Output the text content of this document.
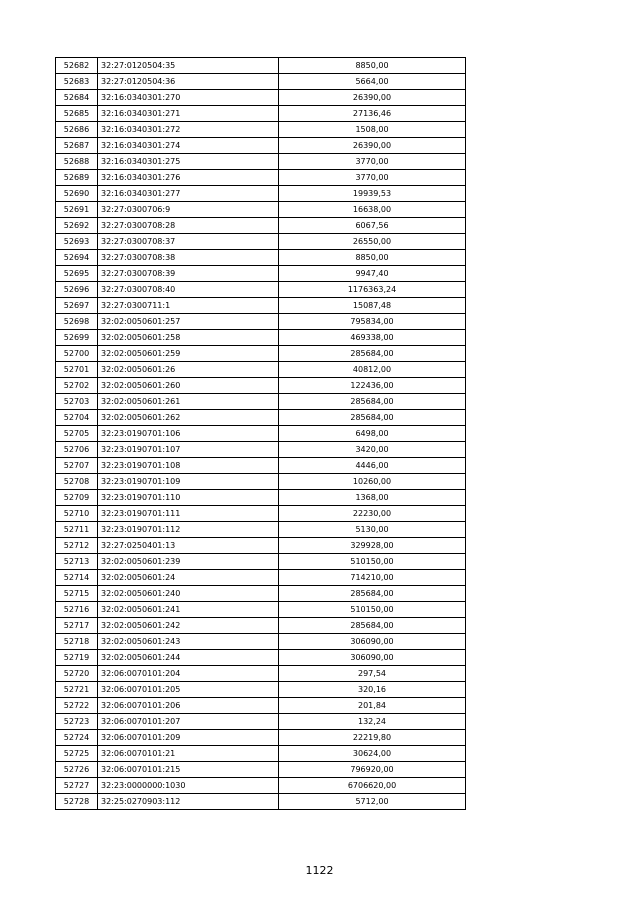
52682	32:27:0120504:35	8850,00
52683	32:27:0120504:36	5664,00
52684	32:16:0340301:270	26390,00
52685	32:16:0340301:271	27136,46
52686	32:16:0340301:272	1508,00
52687	32:16:0340301:274	26390,00
52688	32:16:0340301:275	3770,00
52689	32:16:0340301:276	3770,00
52690	32:16:0340301:277	19939,53
52691	32:27:0300706:9	16638,00
52692	32:27:0300708:28	6067,56
52693	32:27:0300708:37	26550,00
52694	32:27:0300708:38	8850,00
52695	32:27:0300708:39	9947,40
52696	32:27:0300708:40	1176363,24
52697	32:27:0300711:1	15087,48
52698	32:02:0050601:257	795834,00
52699	32:02:0050601:258	469338,00
52700	32:02:0050601:259	285684,00
52701	32:02:0050601:26	40812,00
52702	32:02:0050601:260	122436,00
52703	32:02:0050601:261	285684,00
52704	32:02:0050601:262	285684,00
52705	32:23:0190701:106	6498,00
52706	32:23:0190701:107	3420,00
52707	32:23:0190701:108	4446,00
52708	32:23:0190701:109	10260,00
52709	32:23:0190701:110	1368,00
52710	32:23:0190701:111	22230,00
52711	32:23:0190701:112	5130,00
52712	32:27:0250401:13	329928,00
52713	32:02:0050601:239	510150,00
52714	32:02:0050601:24	714210,00
52715	32:02:0050601:240	285684,00
52716	32:02:0050601:241	510150,00
52717	32:02:0050601:242	285684,00
52718	32:02:0050601:243	306090,00
52719	32:02:0050601:244	306090,00
52720	32:06:0070101:204	297,54
52721	32:06:0070101:205	320,16
52722	32:06:0070101:206	201,84
52723	32:06:0070101:207	132,24
52724	32:06:0070101:209	22219,80
52725	32:06:0070101:21	30624,00
52726	32:06:0070101:215	796920,00
52727	32:23:0000000:1030	6706620,00
52728	32:25:0270903:112	5712,00
1122
